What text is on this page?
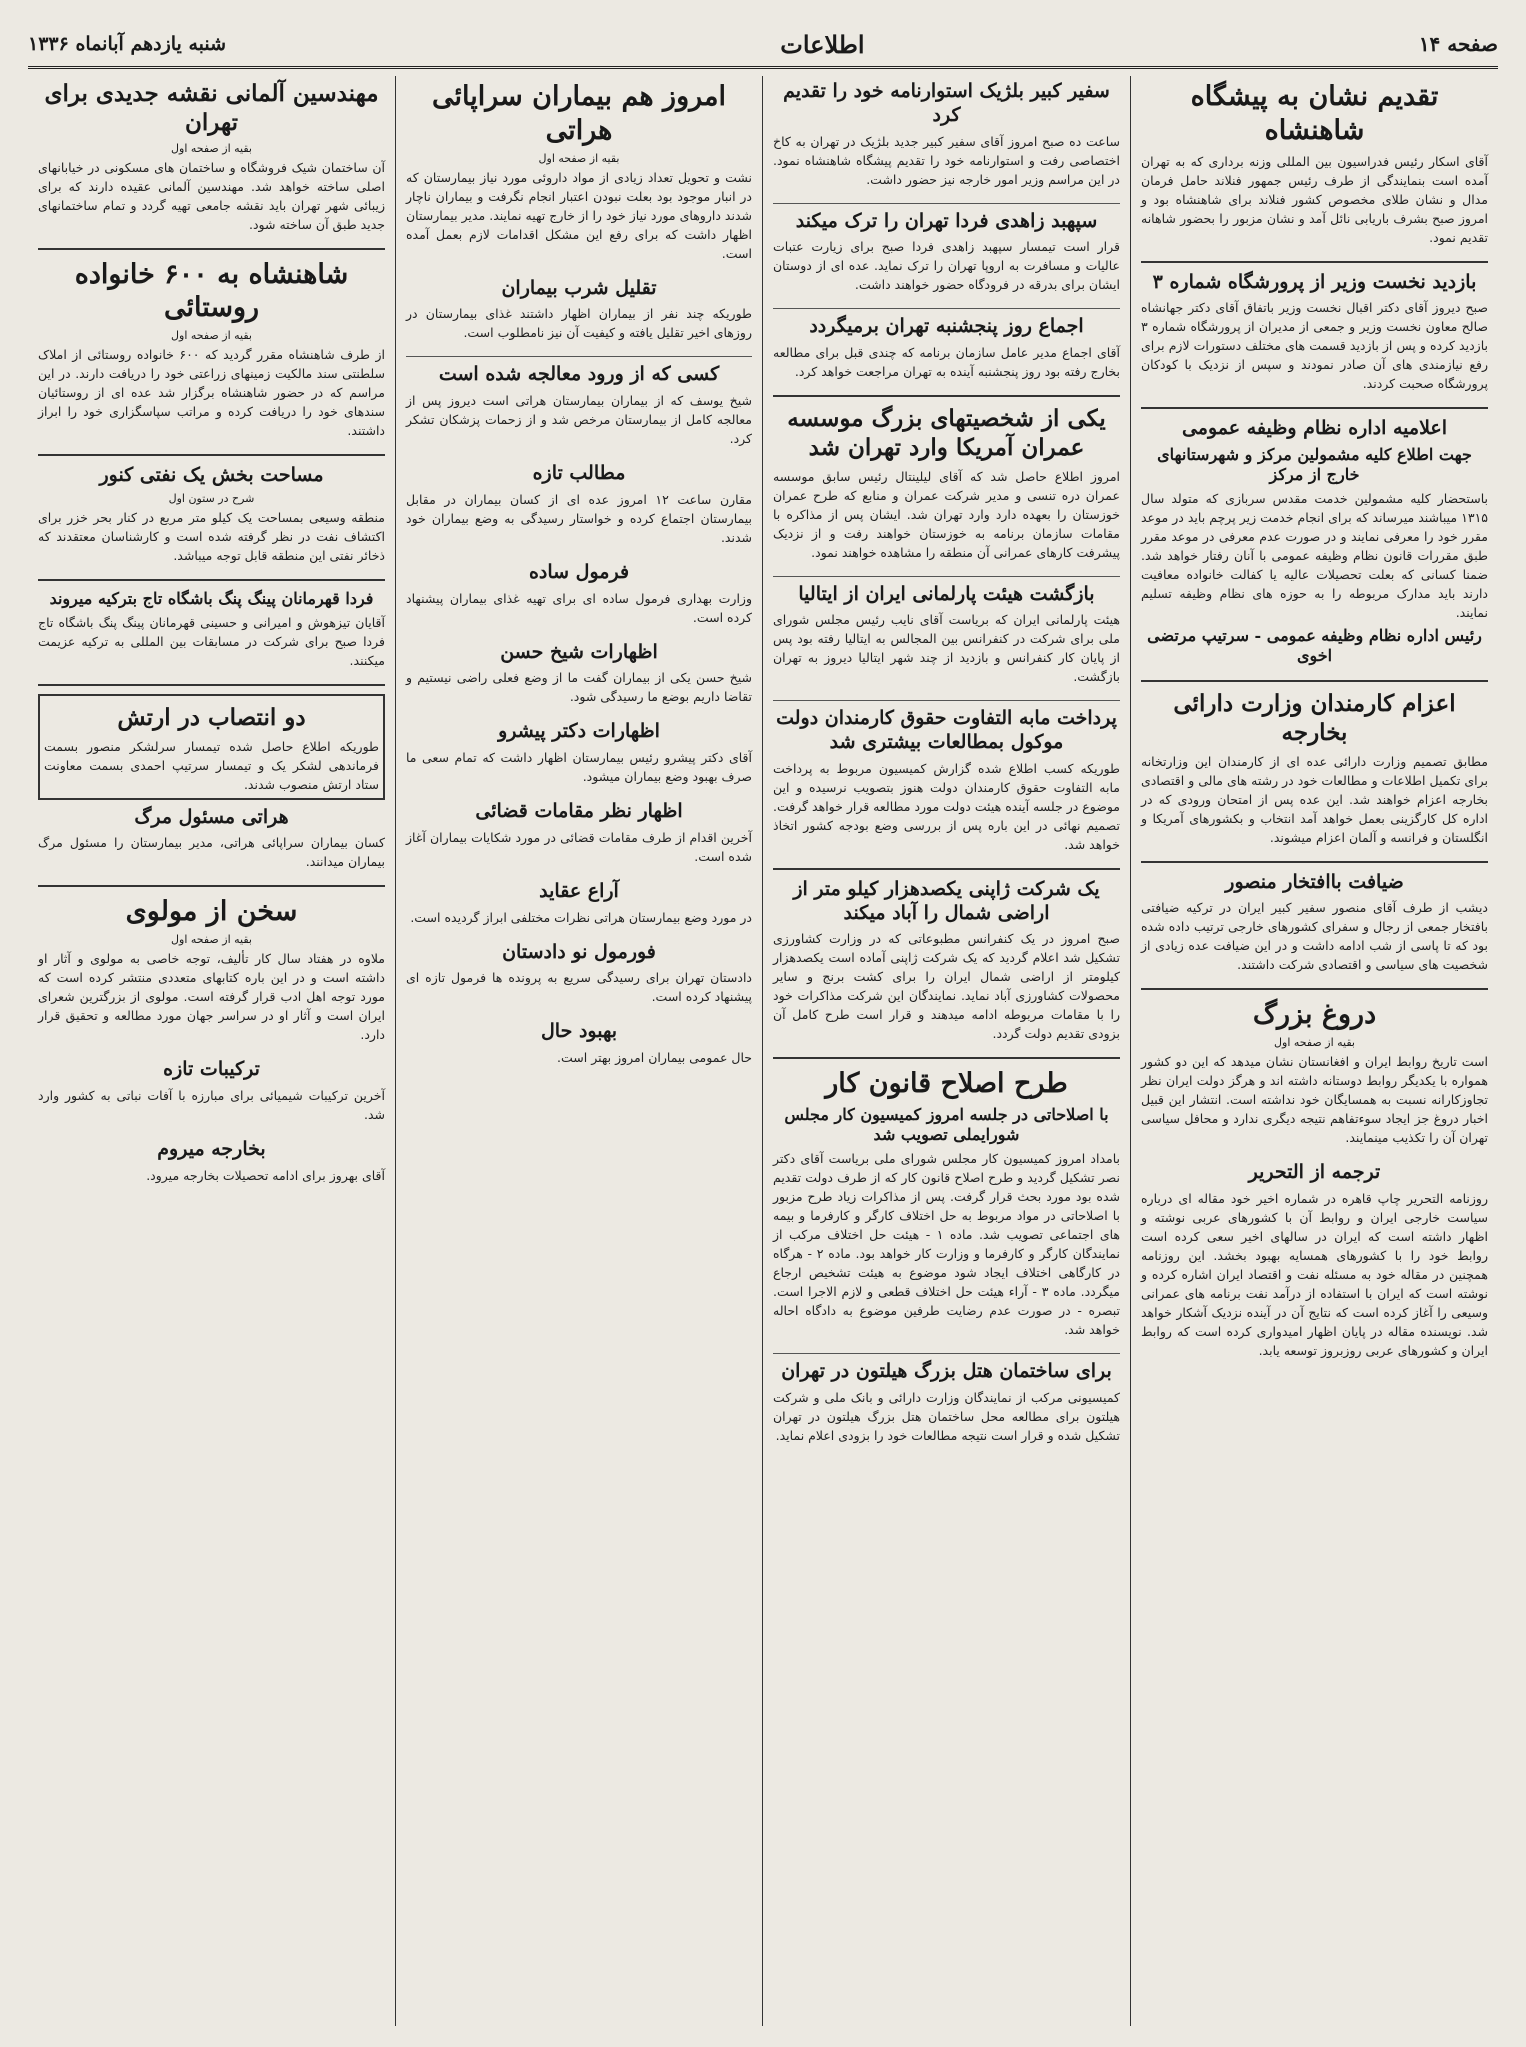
صفحه ۱۴
اطلاعات
شنبه یازدهم آبانماه ۱۳۳۶
تقدیم نشان به پیشگاه شاهنشاه

آقای اسکار رئیس فدراسیون بین المللی وزنه برداری که به تهران آمده است بنمایندگی از طرف رئیس جمهور فنلاند حامل فرمان مدال و نشان طلای مخصوص کشور فنلاند برای شاهنشاه بود و امروز صبح بشرف باریابی نائل آمد و نشان مزبور را بحضور شاهانه تقدیم نمود.

بازدید نخست وزیر از پرورشگاه شماره ۳

صبح دیروز آقای دکتر اقبال نخست وزیر باتفاق آقای دکتر جهانشاه صالح معاون نخست وزیر و جمعی از مدیران از پرورشگاه شماره ۳ بازدید کرده و پس از بازدید قسمت های مختلف دستورات لازم برای رفع نیازمندی های آن صادر نمودند و سپس از نزدیک با کودکان پرورشگاه صحبت کردند.

اعلامیه اداره نظام وظیفه عمومی
جهت اطلاع کلیه مشمولین مرکز و شهرستانهای خارج از مرکز

باستحضار کلیه مشمولین خدمت مقدس سربازی که متولد سال ۱۳۱۵ میباشند میرساند که برای انجام خدمت زیر پرچم باید در موعد مقرر خود را معرفی نمایند و در صورت عدم معرفی در موعد مقرر طبق مقررات قانون نظام وظیفه عمومی با آنان رفتار خواهد شد. ضمنا کسانی که بعلت تحصیلات عالیه یا کفالت خانواده معافیت دارند باید مدارک مربوطه را به حوزه های نظام وظیفه تسلیم نمایند.

رئیس اداره نظام وظیفه عمومی - سرتیپ مرتضی اخوی
اعزام کارمندان وزارت دارائی بخارجه

مطابق تصمیم وزارت دارائی عده ای از کارمندان این وزارتخانه برای تکمیل اطلاعات و مطالعات خود در رشته های مالی و اقتصادی بخارجه اعزام خواهند شد. این عده پس از امتحان ورودی که در اداره کل کارگزینی بعمل خواهد آمد انتخاب و بکشورهای آمریکا و انگلستان و فرانسه و آلمان اعزام میشوند.

ضیافت باافتخار منصور

دیشب از طرف آقای منصور سفیر کبیر ایران در ترکیه ضیافتی بافتخار جمعی از رجال و سفرای کشورهای خارجی ترتیب داده شده بود که تا پاسی از شب ادامه داشت و در این ضیافت عده زیادی از شخصیت های سیاسی و اقتصادی شرکت داشتند.

دروغ بزرگ
بقیه از صفحه اول

است تاریخ روابط ایران و افغانستان نشان میدهد که این دو کشور همواره با یکدیگر روابط دوستانه داشته اند و هرگز دولت ایران نظر تجاوزکارانه نسبت به همسایگان خود نداشته است. انتشار این قبیل اخبار دروغ جز ایجاد سوءتفاهم نتیجه دیگری ندارد و محافل سیاسی تهران آن را تکذیب مینمایند.

ترجمه از التحریر

روزنامه التحریر چاپ قاهره در شماره اخیر خود مقاله ای درباره سیاست خارجی ایران و روابط آن با کشورهای عربی نوشته و اظهار داشته است که ایران در سالهای اخیر سعی کرده است روابط خود را با کشورهای همسایه بهبود بخشد. این روزنامه همچنین در مقاله خود به مسئله نفت و اقتصاد ایران اشاره کرده و نوشته است که ایران با استفاده از درآمد نفت برنامه های عمرانی وسیعی را آغاز کرده است که نتایج آن در آینده نزدیک آشکار خواهد شد. نویسنده مقاله در پایان اظهار امیدواری کرده است که روابط ایران و کشورهای عربی روزبروز توسعه یابد.

سفیر کبیر بلژیک استوارنامه خود را تقدیم کرد

ساعت ده صبح امروز آقای سفیر کبیر جدید بلژیک در تهران به کاخ اختصاصی رفت و استوارنامه خود را تقدیم پیشگاه شاهنشاه نمود. در این مراسم وزیر امور خارجه نیز حضور داشت.

سپهبد زاهدی فردا تهران را ترک میکند

قرار است تیمسار سپهبد زاهدی فردا صبح برای زیارت عتبات عالیات و مسافرت به اروپا تهران را ترک نماید. عده ای از دوستان ایشان برای بدرقه در فرودگاه حضور خواهند داشت.

اجماع روز پنجشنبه تهران برمیگردد

آقای اجماع مدیر عامل سازمان برنامه که چندی قبل برای مطالعه بخارج رفته بود روز پنجشنبه آینده به تهران مراجعت خواهد کرد.

یکی از شخصیتهای بزرگ موسسه عمران آمریکا وارد تهران شد

امروز اطلاع حاصل شد که آقای لیلینتال رئیس سابق موسسه عمران دره تنسی و مدیر شرکت عمران و منابع که طرح عمران خوزستان را بعهده دارد وارد تهران شد. ایشان پس از مذاکره با مقامات سازمان برنامه به خوزستان خواهند رفت و از نزدیک پیشرفت کارهای عمرانی آن منطقه را مشاهده خواهند نمود.

بازگشت هیئت پارلمانی ایران از ایتالیا

هیئت پارلمانی ایران که بریاست آقای نایب رئیس مجلس شورای ملی برای شرکت در کنفرانس بین المجالس به ایتالیا رفته بود پس از پایان کار کنفرانس و بازدید از چند شهر ایتالیا دیروز به تهران بازگشت.

پرداخت مابه التفاوت حقوق کارمندان دولت موکول بمطالعات بیشتری شد

طوریکه کسب اطلاع شده گزارش کمیسیون مربوط به پرداخت مابه التفاوت حقوق کارمندان دولت هنوز بتصویب نرسیده و این موضوع در جلسه آینده هیئت دولت مورد مطالعه قرار خواهد گرفت. تصمیم نهائی در این باره پس از بررسی وضع بودجه کشور اتخاذ خواهد شد.

یک شرکت ژاپنی یکصدهزار کیلو متر از اراضی شمال را آباد میکند

صبح امروز در یک کنفرانس مطبوعاتی که در وزارت کشاورزی تشکیل شد اعلام گردید که یک شرکت ژاپنی آماده است یکصدهزار کیلومتر از اراضی شمال ایران را برای کشت برنج و سایر محصولات کشاورزی آباد نماید. نمایندگان این شرکت مذاکرات خود را با مقامات مربوطه ادامه میدهند و قرار است طرح کامل آن بزودی تقدیم دولت گردد.

طرح اصلاح قانون کار
با اصلاحاتی در جلسه امروز کمیسیون کار مجلس شورایملی تصویب شد

بامداد امروز کمیسیون کار مجلس شورای ملی بریاست آقای دکتر نصر تشکیل گردید و طرح اصلاح قانون کار که از طرف دولت تقدیم شده بود مورد بحث قرار گرفت. پس از مذاکرات زیاد طرح مزبور با اصلاحاتی در مواد مربوط به حل اختلاف کارگر و کارفرما و بیمه های اجتماعی تصویب شد. ماده ۱ - هیئت حل اختلاف مرکب از نمایندگان کارگر و کارفرما و وزارت کار خواهد بود. ماده ۲ - هرگاه در کارگاهی اختلاف ایجاد شود موضوع به هیئت تشخیص ارجاع میگردد. ماده ۳ - آراء هیئت حل اختلاف قطعی و لازم الاجرا است. تبصره - در صورت عدم رضایت طرفین موضوع به دادگاه احاله خواهد شد.

برای ساختمان هتل بزرگ هیلتون در تهران

کمیسیونی مرکب از نمایندگان وزارت دارائی و بانک ملی و شرکت هیلتون برای مطالعه محل ساختمان هتل بزرگ هیلتون در تهران تشکیل شده و قرار است نتیجه مطالعات خود را بزودی اعلام نماید.

امروز هم بیماران سراپائی هراتی
بقیه از صفحه اول

نشت و تحویل تعداد زیادی از مواد داروئی مورد نیاز بیمارستان که در انبار موجود بود بعلت نبودن اعتبار انجام نگرفت و بیماران ناچار شدند داروهای مورد نیاز خود را از خارج تهیه نمایند. مدیر بیمارستان اظهار داشت که برای رفع این مشکل اقدامات لازم بعمل آمده است.

تقلیل شرب بیماران

طوریکه چند نفر از بیماران اظهار داشتند غذای بیمارستان در روزهای اخیر تقلیل یافته و کیفیت آن نیز نامطلوب است.

کسی که از ورود معالجه شده است

شیخ یوسف که از بیماران بیمارستان هراتی است دیروز پس از معالجه کامل از بیمارستان مرخص شد و از زحمات پزشکان تشکر کرد.

مطالب تازه

مقارن ساعت ۱۲ امروز عده ای از کسان بیماران در مقابل بیمارستان اجتماع کرده و خواستار رسیدگی به وضع بیماران خود شدند.

فرمول ساده

وزارت بهداری فرمول ساده ای برای تهیه غذای بیماران پیشنهاد کرده است.

اظهارات شیخ حسن

شیخ حسن یکی از بیماران گفت ما از وضع فعلی راضی نیستیم و تقاضا داریم بوضع ما رسیدگی شود.

اظهارات دکتر پیشرو

آقای دکتر پیشرو رئیس بیمارستان اظهار داشت که تمام سعی ما صرف بهبود وضع بیماران میشود.

اظهار نظر مقامات قضائی

آخرین اقدام از طرف مقامات قضائی در مورد شکایات بیماران آغاز شده است.

آراع عقاید

در مورد وضع بیمارستان هراتی نظرات مختلفی ابراز گردیده است.

فورمول نو دادستان

دادستان تهران برای رسیدگی سریع به پرونده ها فرمول تازه ای پیشنهاد کرده است.

بهبود حال

حال عمومی بیماران امروز بهتر است.

مهندسین آلمانی نقشه جدیدی برای تهران
بقیه از صفحه اول

آن ساختمان شیک فروشگاه و ساختمان های مسکونی در خیابانهای اصلی ساخته خواهد شد. مهندسین آلمانی عقیده دارند که برای زیبائی شهر تهران باید نقشه جامعی تهیه گردد و تمام ساختمانهای جدید طبق آن ساخته شود.

شاهنشاه به ۶۰۰ خانواده روستائی
بقیه از صفحه اول

از طرف شاهنشاه مقرر گردید که ۶۰۰ خانواده روستائی از املاک سلطنتی سند مالکیت زمینهای زراعتی خود را دریافت دارند. در این مراسم که در حضور شاهنشاه برگزار شد عده ای از روستائیان سندهای خود را دریافت کرده و مراتب سپاسگزاری خود را ابراز داشتند.

مساحت بخش یک نفتی کنور
شرح در ستون اول

منطقه وسیعی بمساحت یک کیلو متر مربع در کنار بحر خزر برای اکتشاف نفت در نظر گرفته شده است و کارشناسان معتقدند که ذخائر نفتی این منطقه قابل توجه میباشد.

فردا قهرمانان پینگ پنگ باشگاه تاج بترکیه میروند

آقایان تیزهوش و امیرانی و حسینی قهرمانان پینگ پنگ باشگاه تاج فردا صبح برای شرکت در مسابقات بین المللی به ترکیه عزیمت میکنند.

دو انتصاب در ارتش

طوریکه اطلاع حاصل شده تیمسار سرلشکر منصور بسمت فرماندهی لشکر یک و تیمسار سرتیپ احمدی بسمت معاونت ستاد ارتش منصوب شدند.

هراتی مسئول مرگ

کسان بیماران سراپائی هراتی، مدیر بیمارستان را مسئول مرگ بیماران میدانند.

سخن از مولوی
بقیه از صفحه اول

ملاوه در هفتاد سال کار تألیف، توجه خاصی به مولوی و آثار او داشته است و در این باره کتابهای متعددی منتشر کرده است که مورد توجه اهل ادب قرار گرفته است. مولوی از بزرگترین شعرای ایران است و آثار او در سراسر جهان مورد مطالعه و تحقیق قرار دارد.

ترکیبات تازه

آخرین ترکیبات شیمیائی برای مبارزه با آفات نباتی به کشور وارد شد.

بخارجه میروم

آقای بهروز برای ادامه تحصیلات بخارجه میرود.
